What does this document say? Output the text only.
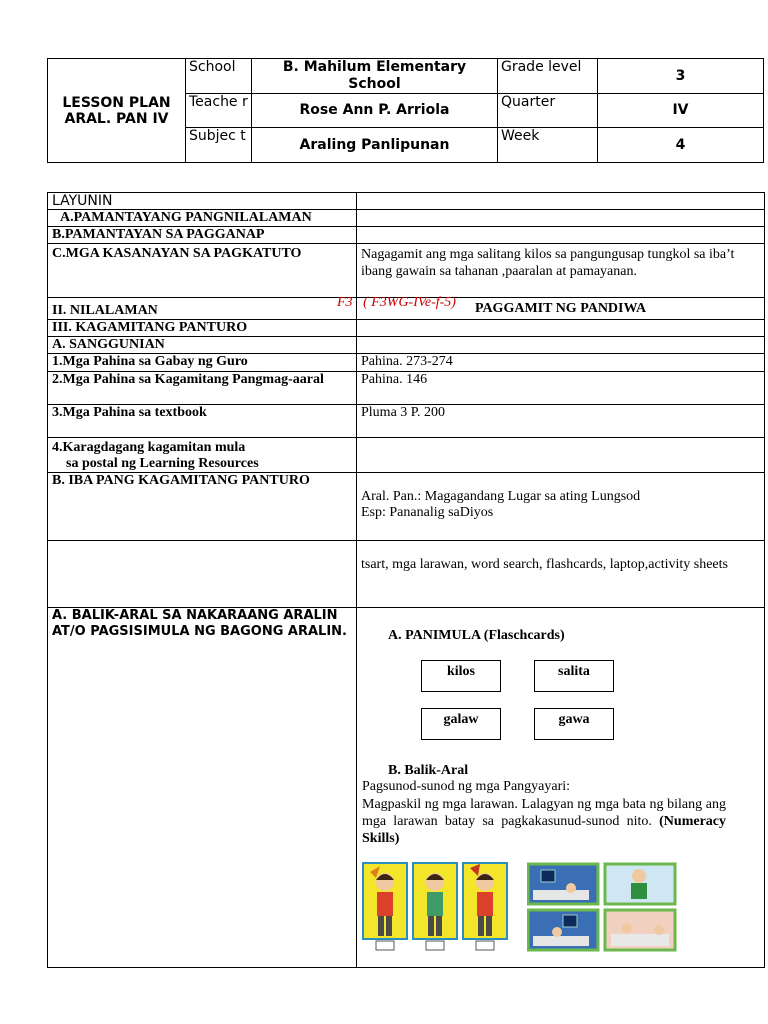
LESSON PLAN
ARAL. PAN IV	School	B. Mahilum Elementary School	Grade level	3
	Teache r	Rose Ann P. Arriola	Quarter	IV
	Subjec t	Araling Panlipunan	Week	4
LAYUNIN	
A.PAMANTAYANG PANGNILALAMAN	
B.PAMANTAYAN SA PAGGANAP	
C.MGA KASANAYAN SA PAGKATUTO	Nagagamit ang mga salitang kilos sa pangungusap tungkol sa iba’t ibang gawain sa tahanan ,paaralan at pamayanan.

II. NILALAMAN	PAGGAMIT NG PANDIWA
III. KAGAMITANG PANTURO	
A. SANGGUNIAN	
1.Mga Pahina sa Gabay ng Guro	Pahina. 273-274
2.Mga Pahina sa Kagamitang Pangmag-aaral	Pahina. 146
3.Mga Pahina sa textbook	Pluma 3 P. 200

4.Karagdagang kagamitan mula
sa postal ng Learning Resources	

B. IBA PANG KAGAMITANG PANTURO	Aral. Pan.: Magagandang Lugar sa ating Lungsod
Esp: Pananalig saDiyos

	tsart, mga larawan, word search, flashcards, laptop,activity sheets
A. BALIK-ARAL SA NAKARAANG ARALIN AT/O PAGSISIMULA NG BAGONG ARALIN.	

F3 ( F3WG-IVe-f-5)

A. PANIMULA (Flaschcards)
kilos	salita
galaw	gawa
B. Balik-Aral
Pagsunod-sunod ng mga Pangyayari:
Magpaskil ng mga larawan. Lalagyan ng mga bata ng bilang ang mga larawan batay sa pagkakasunud-sunod nito. (Numeracy Skills)
